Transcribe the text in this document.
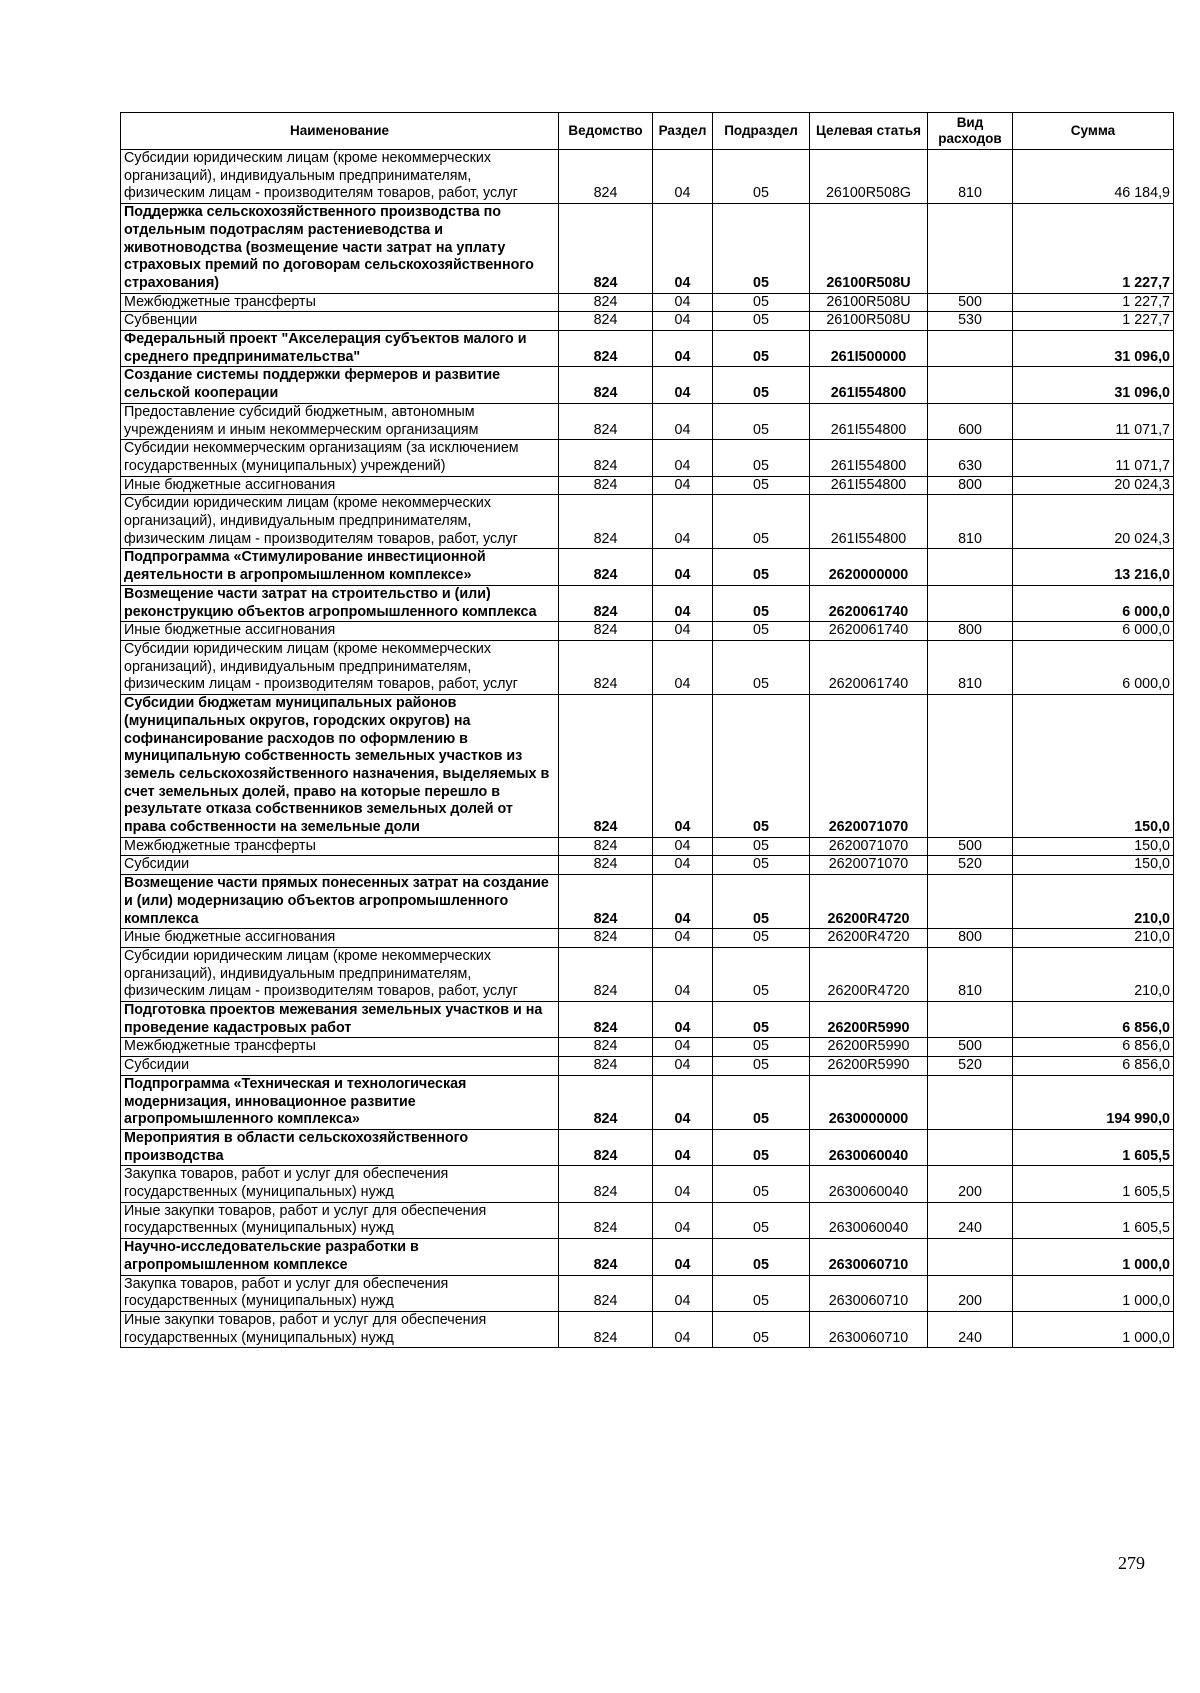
Наименование	Ведомство	Раздел	Подраздел	Целевая статья	Вид расходов	Сумма
Субсидии юридическим лицам (кроме некоммерческих организаций), индивидуальным предпринимателям, физическим лицам - производителям товаров, работ, услуг	824	04	05	26100R508G	810	46 184,9
Поддержка сельскохозяйственного производства по отдельным подотраслям растениеводства и животноводства (возмещение части затрат на уплату страховых премий по договорам сельскохозяйственного страхования)	824	04	05	26100R508U		1 227,7
Межбюджетные трансферты	824	04	05	26100R508U	500	1 227,7
Субвенции	824	04	05	26100R508U	530	1 227,7
Федеральный проект "Акселерация субъектов малого и среднего предпринимательства"	824	04	05	261I500000		31 096,0
Создание системы поддержки фермеров и развитие сельской кооперации	824	04	05	261I554800		31 096,0
Предоставление субсидий бюджетным, автономным учреждениям и иным некоммерческим организациям	824	04	05	261I554800	600	11 071,7
Субсидии некоммерческим организациям (за исключением государственных (муниципальных) учреждений)	824	04	05	261I554800	630	11 071,7
Иные бюджетные ассигнования	824	04	05	261I554800	800	20 024,3
Субсидии юридическим лицам (кроме некоммерческих организаций), индивидуальным предпринимателям, физическим лицам - производителям товаров, работ, услуг	824	04	05	261I554800	810	20 024,3
Подпрограмма «Стимулирование инвестиционной деятельности в агропромышленном комплексе»	824	04	05	2620000000		13 216,0
Возмещение части затрат на строительство и (или) реконструкцию объектов агропромышленного комплекса	824	04	05	2620061740		6 000,0
Иные бюджетные ассигнования	824	04	05	2620061740	800	6 000,0
Субсидии юридическим лицам (кроме некоммерческих организаций), индивидуальным предпринимателям, физическим лицам - производителям товаров, работ, услуг	824	04	05	2620061740	810	6 000,0
Субсидии бюджетам муниципальных районов (муниципальных округов, городских округов) на софинансирование расходов по оформлению в муниципальную собственность земельных участков из земель сельскохозяйственного назначения, выделяемых в счет земельных долей, право на которые перешло в результате отказа собственников земельных долей от права собственности на земельные доли	824	04	05	2620071070		150,0
Межбюджетные трансферты	824	04	05	2620071070	500	150,0
Субсидии	824	04	05	2620071070	520	150,0
Возмещение части прямых понесенных затрат на создание и (или) модернизацию объектов агропромышленного комплекса	824	04	05	26200R4720		210,0
Иные бюджетные ассигнования	824	04	05	26200R4720	800	210,0
Субсидии юридическим лицам (кроме некоммерческих организаций), индивидуальным предпринимателям, физическим лицам - производителям товаров, работ, услуг	824	04	05	26200R4720	810	210,0
Подготовка проектов межевания земельных участков и на проведение кадастровых работ	824	04	05	26200R5990		6 856,0
Межбюджетные трансферты	824	04	05	26200R5990	500	6 856,0
Субсидии	824	04	05	26200R5990	520	6 856,0
Подпрограмма «Техническая и технологическая модернизация, инновационное развитие агропромышленного комплекса»	824	04	05	2630000000		194 990,0
Мероприятия в области сельскохозяйственного производства	824	04	05	2630060040		1 605,5
Закупка товаров, работ и услуг для обеспечения государственных (муниципальных) нужд	824	04	05	2630060040	200	1 605,5
Иные закупки товаров, работ и услуг для обеспечения государственных (муниципальных) нужд	824	04	05	2630060040	240	1 605,5
Научно-исследовательские разработки в агропромышленном комплексе	824	04	05	2630060710		1 000,0
Закупка товаров, работ и услуг для обеспечения государственных (муниципальных) нужд	824	04	05	2630060710	200	1 000,0
Иные закупки товаров, работ и услуг для обеспечения государственных (муниципальных) нужд	824	04	05	2630060710	240	1 000,0
279
